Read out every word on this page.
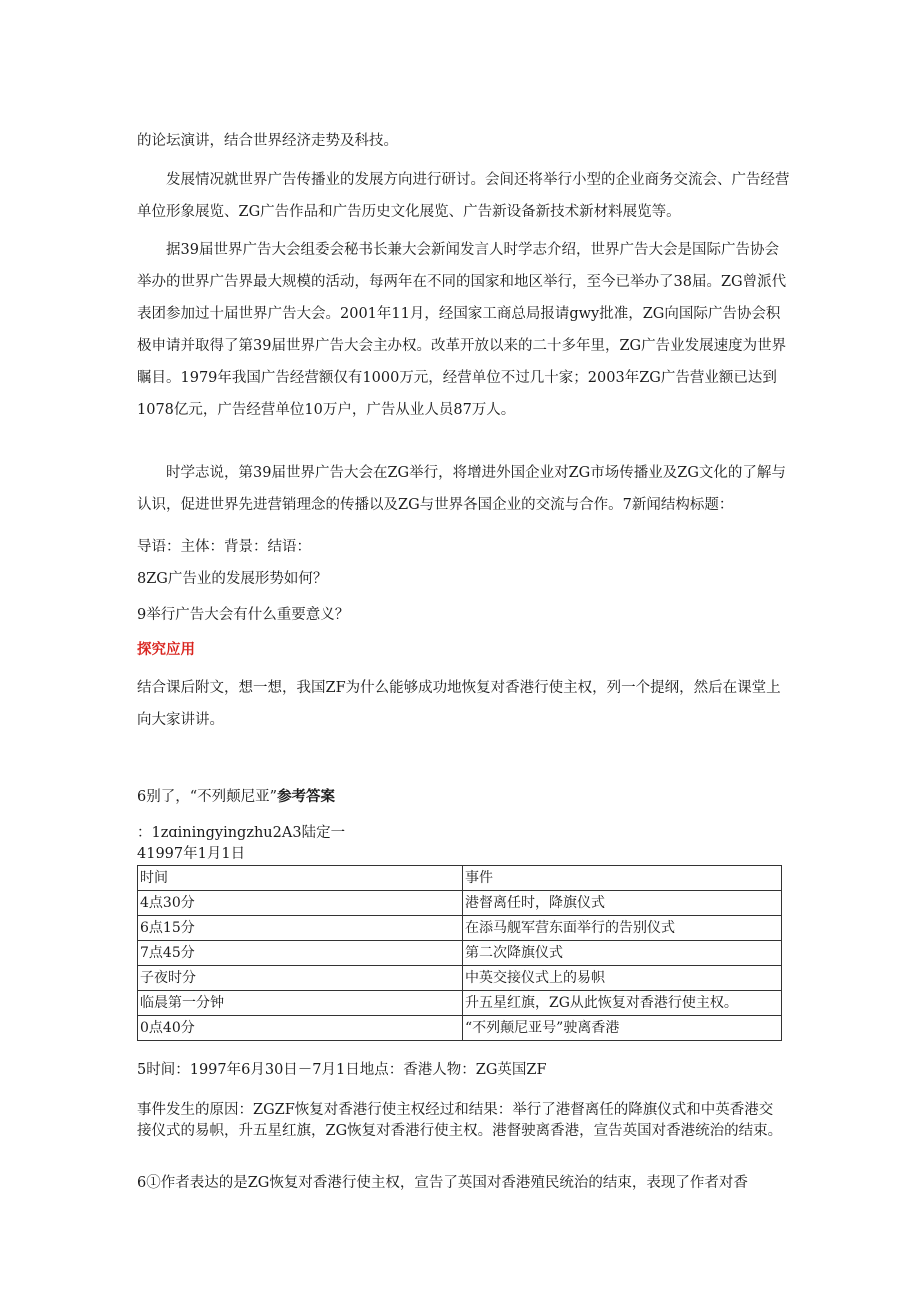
的论坛演讲，结合世界经济走势及科技。

发展情况就世界广告传播业的发展方向进行研讨。会间还将举行小型的企业商务交流会、广告经营单位形象展览、ZG广告作品和广告历史文化展览、广告新设备新技术新材料展览等。

据39届世界广告大会组委会秘书长兼大会新闻发言人时学志介绍，世界广告大会是国际广告协会举办的世界广告界最大规模的活动，每两年在不同的国家和地区举行，至今已举办了38届。ZG曾派代表团参加过十届世界广告大会。2001年11月，经国家工商总局报请gwy批准，ZG向国际广告协会积极申请并取得了第39届世界广告大会主办权。改革开放以来的二十多年里，ZG广告业发展速度为世界瞩目。1979年我国广告经营额仅有1000万元，经营单位不过几十家；2003年ZG广告营业额已达到1078亿元，广告经营单位10万户，广告从业人员87万人。

时学志说，第39届世界广告大会在ZG举行，将增进外国企业对ZG市场传播业及ZG文化的了解与认识，促进世界先进营销理念的传播以及ZG与世界各国企业的交流与合作。7新闻结构标题：

导语：主体：背景：结语：

8ZG广告业的发展形势如何？

9举行广告大会有什么重要意义？

探究应用

结合课后附文，想一想，我国ZF为什么能够成功地恢复对香港行使主权，列一个提纲，然后在课堂上向大家讲讲。

6别了，“不列颠尼亚”参考答案

：1zɑiningyingzhu2A3陆定一

41997年1月1日

时间	事件
4点30分	港督离任时，降旗仪式
6点15分	在添马舰军营东面举行的告别仪式
7点45分	第二次降旗仪式
子夜时分	中英交接仪式上的易帜
临晨第一分钟	升五星红旗，ZG从此恢复对香港行使主权。
0点40分	“不列颠尼亚号”驶离香港

5时间：1997年6月30日－7月1日地点：香港人物：ZG英国ZF

事件发生的原因：ZGZF恢复对香港行使主权经过和结果：举行了港督离任的降旗仪式和中英香港交接仪式的易帜，升五星红旗，ZG恢复对香港行使主权。港督驶离香港，宣告英国对香港统治的结束。

6①作者表达的是ZG恢复对香港行使主权，宣告了英国对香港殖民统治的结束，表现了作者对香
